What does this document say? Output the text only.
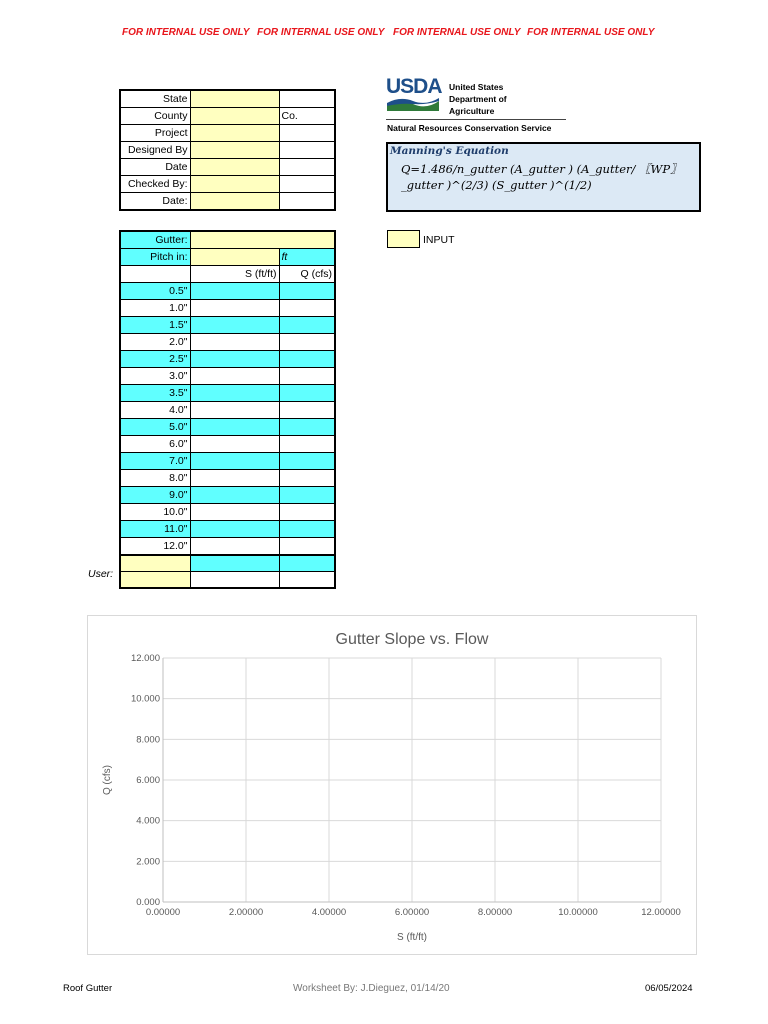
FOR INTERNAL USE ONLY FOR INTERNAL USE ONLY FOR INTERNAL USE ONLY FOR INTERNAL USE ONLY
State		
County		Co.
Project		
Designed By		
Date		
Checked By:		
Date:		
USDA United States
Department of
Agriculture
Natural Resources Conservation Service
Manning's Equation
Q=1.486/n_gutter (A_gutter ) (A_gutter/ 〖WP〗_gutter )^(2/3) (S_gutter )^(1/2)
INPUT
Gutter:		
Pitch in:		ft
	S (ft/ft)	Q (cfs)
0.5"		
1.0"		
1.5"		
2.0"		
2.5"		
3.0"		
3.5"		
4.0"		
5.0"		
6.0"		
7.0"		
8.0"		
9.0"		
10.0"		
11.0"		
12.0"		

User:
0.00000	2.00000	4.00000	6.00000	8.00000	10.00000	12.00000
0.000
2.000
4.000
6.000
8.000
10.000
12.000
Gutter Slope vs. Flow
S (ft/ft)
Q (cfs)
Roof Gutter	Worksheet By: J.Dieguez, 01/14/20	06/05/2024
